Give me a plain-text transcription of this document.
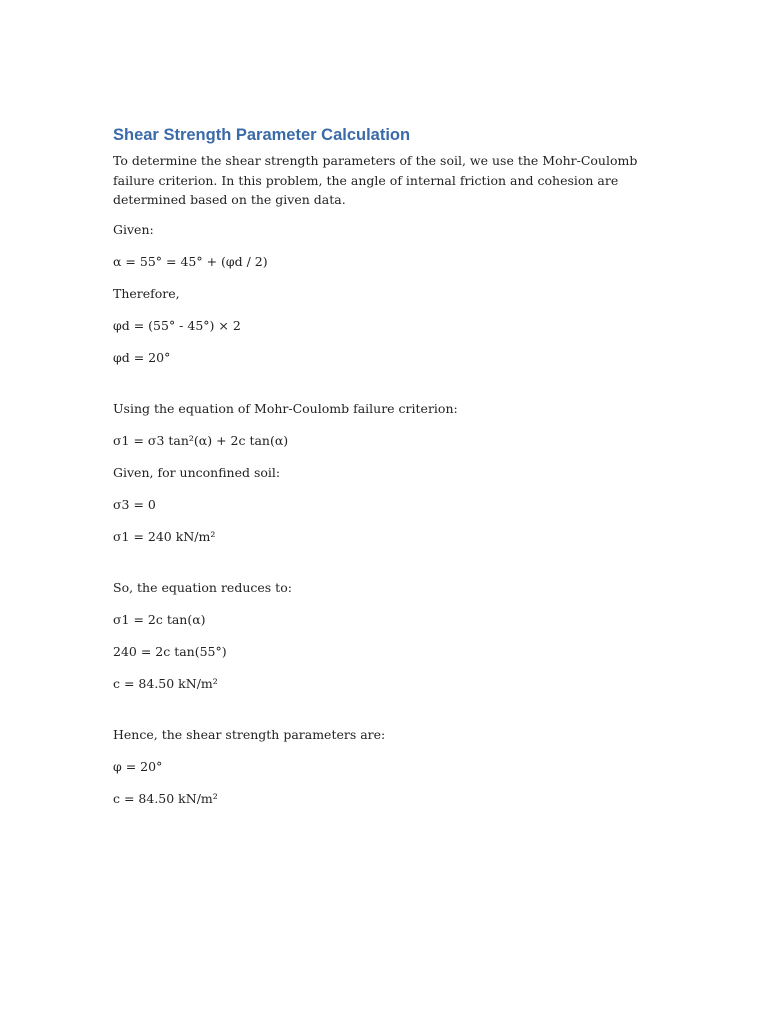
Shear Strength Parameter Calculation

To determine the shear strength parameters of the soil, we use the Mohr-Coulomb failure criterion. In this problem, the angle of internal friction and cohesion are determined based on the given data.

Given:

α = 55° = 45° + (φd / 2)

Therefore,

φd = (55° - 45°) × 2

φd = 20°

Using the equation of Mohr-Coulomb failure criterion:

σ1 = σ3 tan²(α) + 2c tan(α)

Given, for unconfined soil:

σ3 = 0

σ1 = 240 kN/m²

So, the equation reduces to:

σ1 = 2c tan(α)

240 = 2c tan(55°)

c = 84.50 kN/m²

Hence, the shear strength parameters are:

φ = 20°

c = 84.50 kN/m²
